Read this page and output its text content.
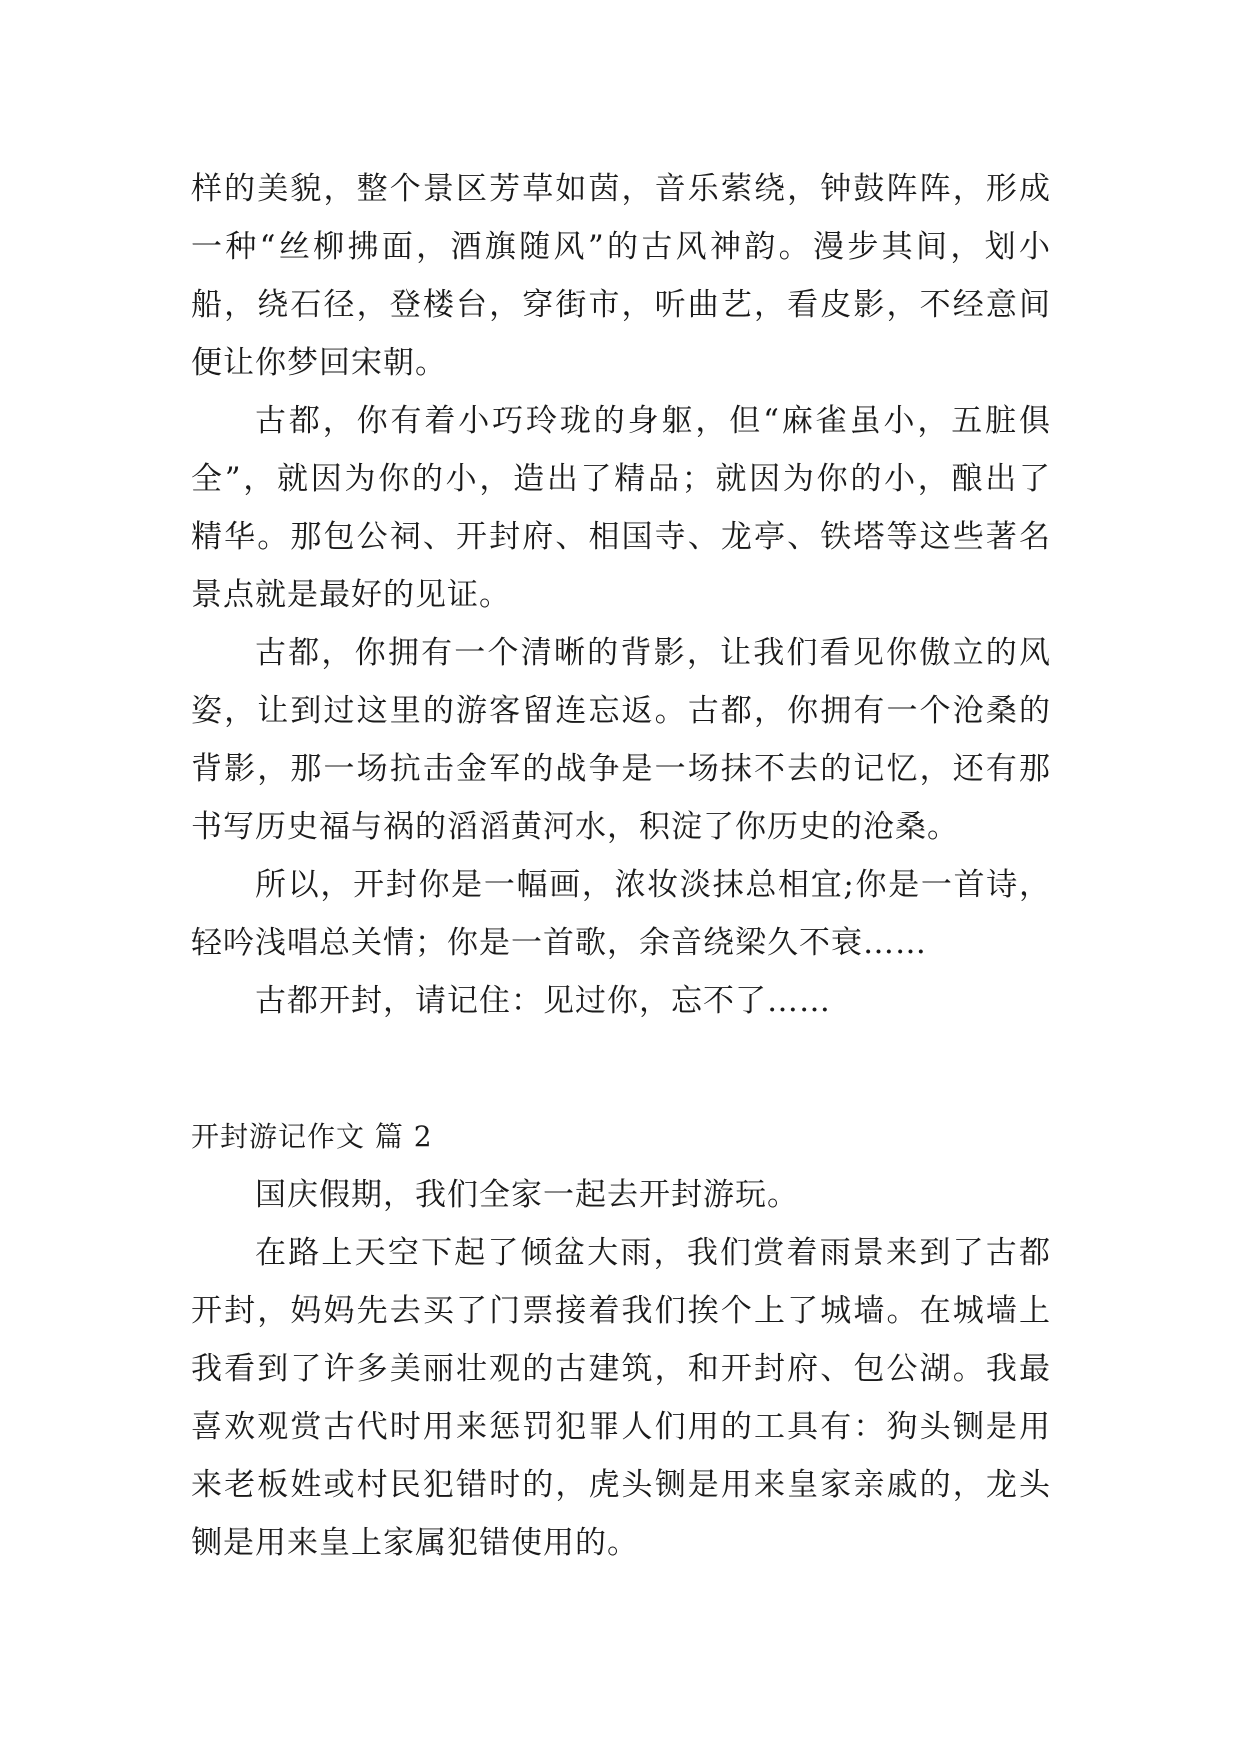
样的美貌，整个景区芳草如茵，音乐萦绕，钟鼓阵阵，形成
一种“丝柳拂面，酒旗随风”的古风神韵。漫步其间，划小
船，绕石径，登楼台，穿街市，听曲艺，看皮影，不经意间
便让你梦回宋朝。
古都，你有着小巧玲珑的身躯，但“麻雀虽小，五脏俱
全”，就因为你的小，造出了精品；就因为你的小，酿出了
精华。那包公祠、开封府、相国寺、龙亭、铁塔等这些著名
景点就是最好的见证。
古都，你拥有一个清晰的背影，让我们看见你傲立的风
姿，让到过这里的游客留连忘返。古都，你拥有一个沧桑的
背影，那一场抗击金军的战争是一场抹不去的记忆，还有那
书写历史福与祸的滔滔黄河水，积淀了你历史的沧桑。
所以，开封你是一幅画，浓妆淡抹总相宜;你是一首诗，
轻吟浅唱总关情；你是一首歌，余音绕梁久不衰……
古都开封，请记住：见过你，忘不了……
开封游记作文 篇 2
国庆假期，我们全家一起去开封游玩。
在路上天空下起了倾盆大雨，我们赏着雨景来到了古都
开封，妈妈先去买了门票接着我们挨个上了城墙。在城墙上
我看到了许多美丽壮观的古建筑，和开封府、包公湖。我最
喜欢观赏古代时用来惩罚犯罪人们用的工具有：狗头铡是用
来老板姓或村民犯错时的，虎头铡是用来皇家亲戚的，龙头
铡是用来皇上家属犯错使用的。
